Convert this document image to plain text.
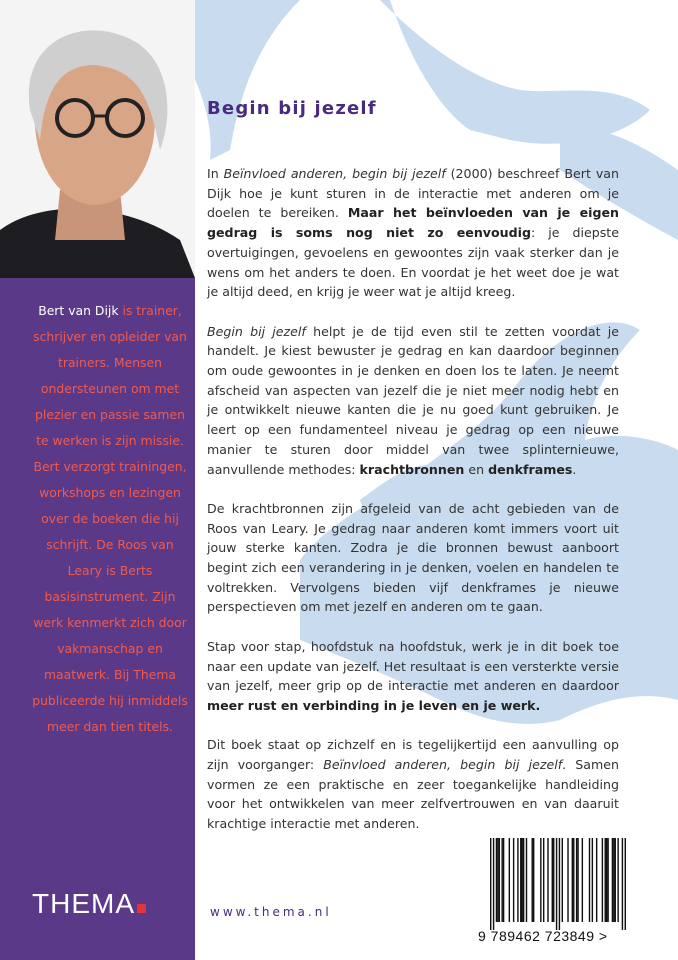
Bert van Dijk is trainer, schrijver en opleider van trainers. Mensen ondersteunen om met plezier en passie samen te werken is zijn missie. Bert verzorgt trainingen, workshops en lezingen over de boeken die hij schrijft. De Roos van Leary is Berts basisinstrument. Zijn werk kenmerkt zich door vakmanschap en maatwerk. Bij Thema publiceerde hij inmiddels meer dan tien titels.
THEMA
Begin bij jezelf

In Beïnvloed anderen, begin bij jezelf (2000) beschreef Bert van Dijk hoe je kunt sturen in de interactie met anderen om je doelen te bereiken. Maar het beïnvloeden van je eigen gedrag is soms nog niet zo eenvoudig: je diepste overtuigingen, gevoelens en gewoontes zijn vaak sterker dan je wens om het anders te doen. En voordat je het weet doe je wat je altijd deed, en krijg je weer wat je altijd kreeg.

Begin bij jezelf helpt je de tijd even stil te zetten voordat je handelt. Je kiest bewuster je gedrag en kan daardoor beginnen om oude gewoontes in je denken en doen los te laten. Je neemt afscheid van aspecten van jezelf die je niet meer nodig hebt en je ontwikkelt nieuwe kanten die je nu goed kunt gebruiken. Je leert op een fundamenteel niveau je gedrag op een nieuwe manier te sturen door middel van twee splinternieuwe, aanvullende methodes: krachtbronnen en denkframes.

De krachtbronnen zijn afgeleid van de acht gebieden van de Roos van Leary. Je gedrag naar anderen komt immers voort uit jouw sterke kanten. Zodra je die bronnen bewust aanboort begint zich een verandering in je denken, voelen en handelen te voltrekken. Vervolgens bieden vijf denkframes je nieuwe perspectieven om met jezelf en anderen om te gaan.

Stap voor stap, hoofdstuk na hoofdstuk, werk je in dit boek toe naar een update van jezelf. Het resultaat is een versterkte versie van jezelf, meer grip op de interactie met anderen en daardoor meer rust en verbinding in je leven en je werk.

Dit boek staat op zichzelf en is tegelijkertijd een aanvulling op zijn voorganger: Beïnvloed anderen, begin bij jezelf. Samen vormen ze een praktische en zeer toegankelijke handleiding voor het ontwikkelen van meer zelfvertrouwen en van daaruit krachtige interactie met anderen.

www.thema.nl
9 789462 723849 >
